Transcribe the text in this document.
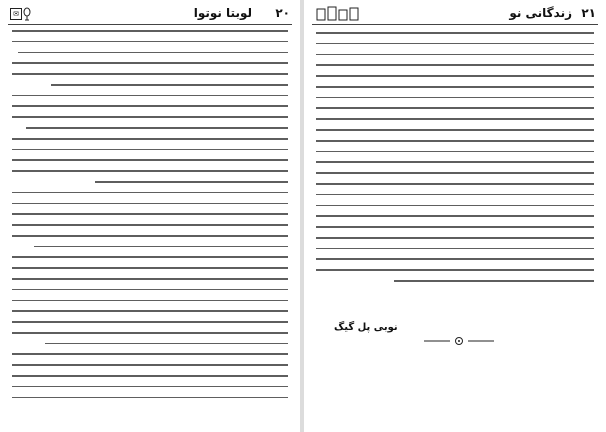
✉	لوبتا نوتوا ۲۰	زندگانی نو ۲۱
نوبی پل گیگ
